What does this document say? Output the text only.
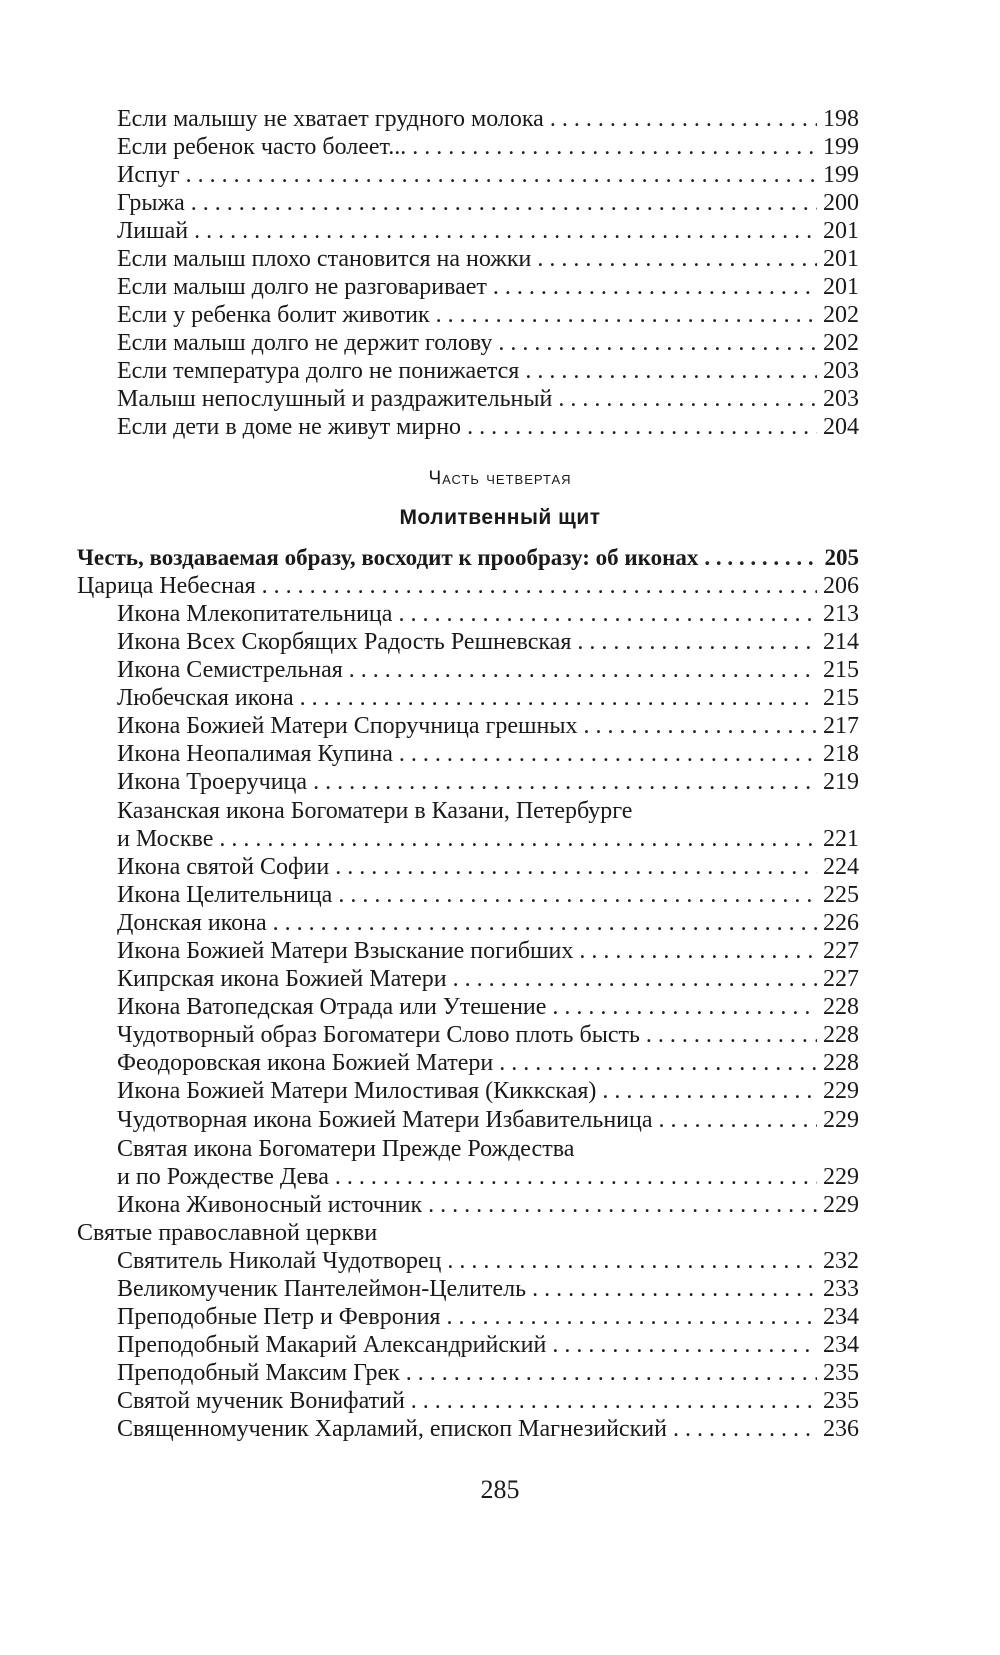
Если малышу не хватает грудного молока . . .	198
Если ребенок часто болеет... . . .	199
Испуг . . .	199
Грыжа . . .	200
Лишай . . .	201
Если малыш плохо становится на ножки . . .	201
Если малыш долго не разговаривает . . .	201
Если у ребенка болит животик . . .	202
Если малыш долго не держит голову . . .	202
Если температура долго не понижается . . .	203
Малыш непослушный и раздражительный . . .	203
Если дети в доме не живут мирно . . .	204
Часть четвертая
Молитвенный щит
Честь, воздаваемая образу, восходит к прообразу: об иконах . . .	205
Царица Небесная . . .	206
Икона Млекопитательница . . .	213
Икона Всех Скорбящих Радость Решневская . . .	214
Икона Семистрельная . . .	215
Любечская икона . . .	215
Икона Божией Матери Споручница грешных . . .	217
Икона Неопалимая Купина . . .	218
Икона Троеручица . . .	219
Казанская икона Богоматери в Казани, Петербурге
и Москве . . .	221
Икона святой Софии . . .	224
Икона Целительница . . .	225
Донская икона . . .	226
Икона Божией Матери Взыскание погибших . . .	227
Кипрская икона Божией Матери . . .	227
Икона Ватопедская Отрада или Утешение . . .	228
Чудотворный образ Богоматери Слово плоть бысть . . .	228
Феодоровская икона Божией Матери . . .	228
Икона Божией Матери Милостивая (Киккская) . . .	229
Чудотворная икона Божией Матери Избавительница . . .	229
Святая икона Богоматери Прежде Рождества
и по Рождестве Дева . . .	229
Икона Живоносный источник . . .	229
Святые православной церкви
Святитель Николай Чудотворец . . .	232
Великомученик Пантелеймон-Целитель . . .	233
Преподобные Петр и Феврония . . .	234
Преподобный Макарий Александрийский . . .	234
Преподобный Максим Грек . . .	235
Святой мученик Вонифатий . . .	235
Священномученик Харламий, епископ Магнезийский . . .	236
285
